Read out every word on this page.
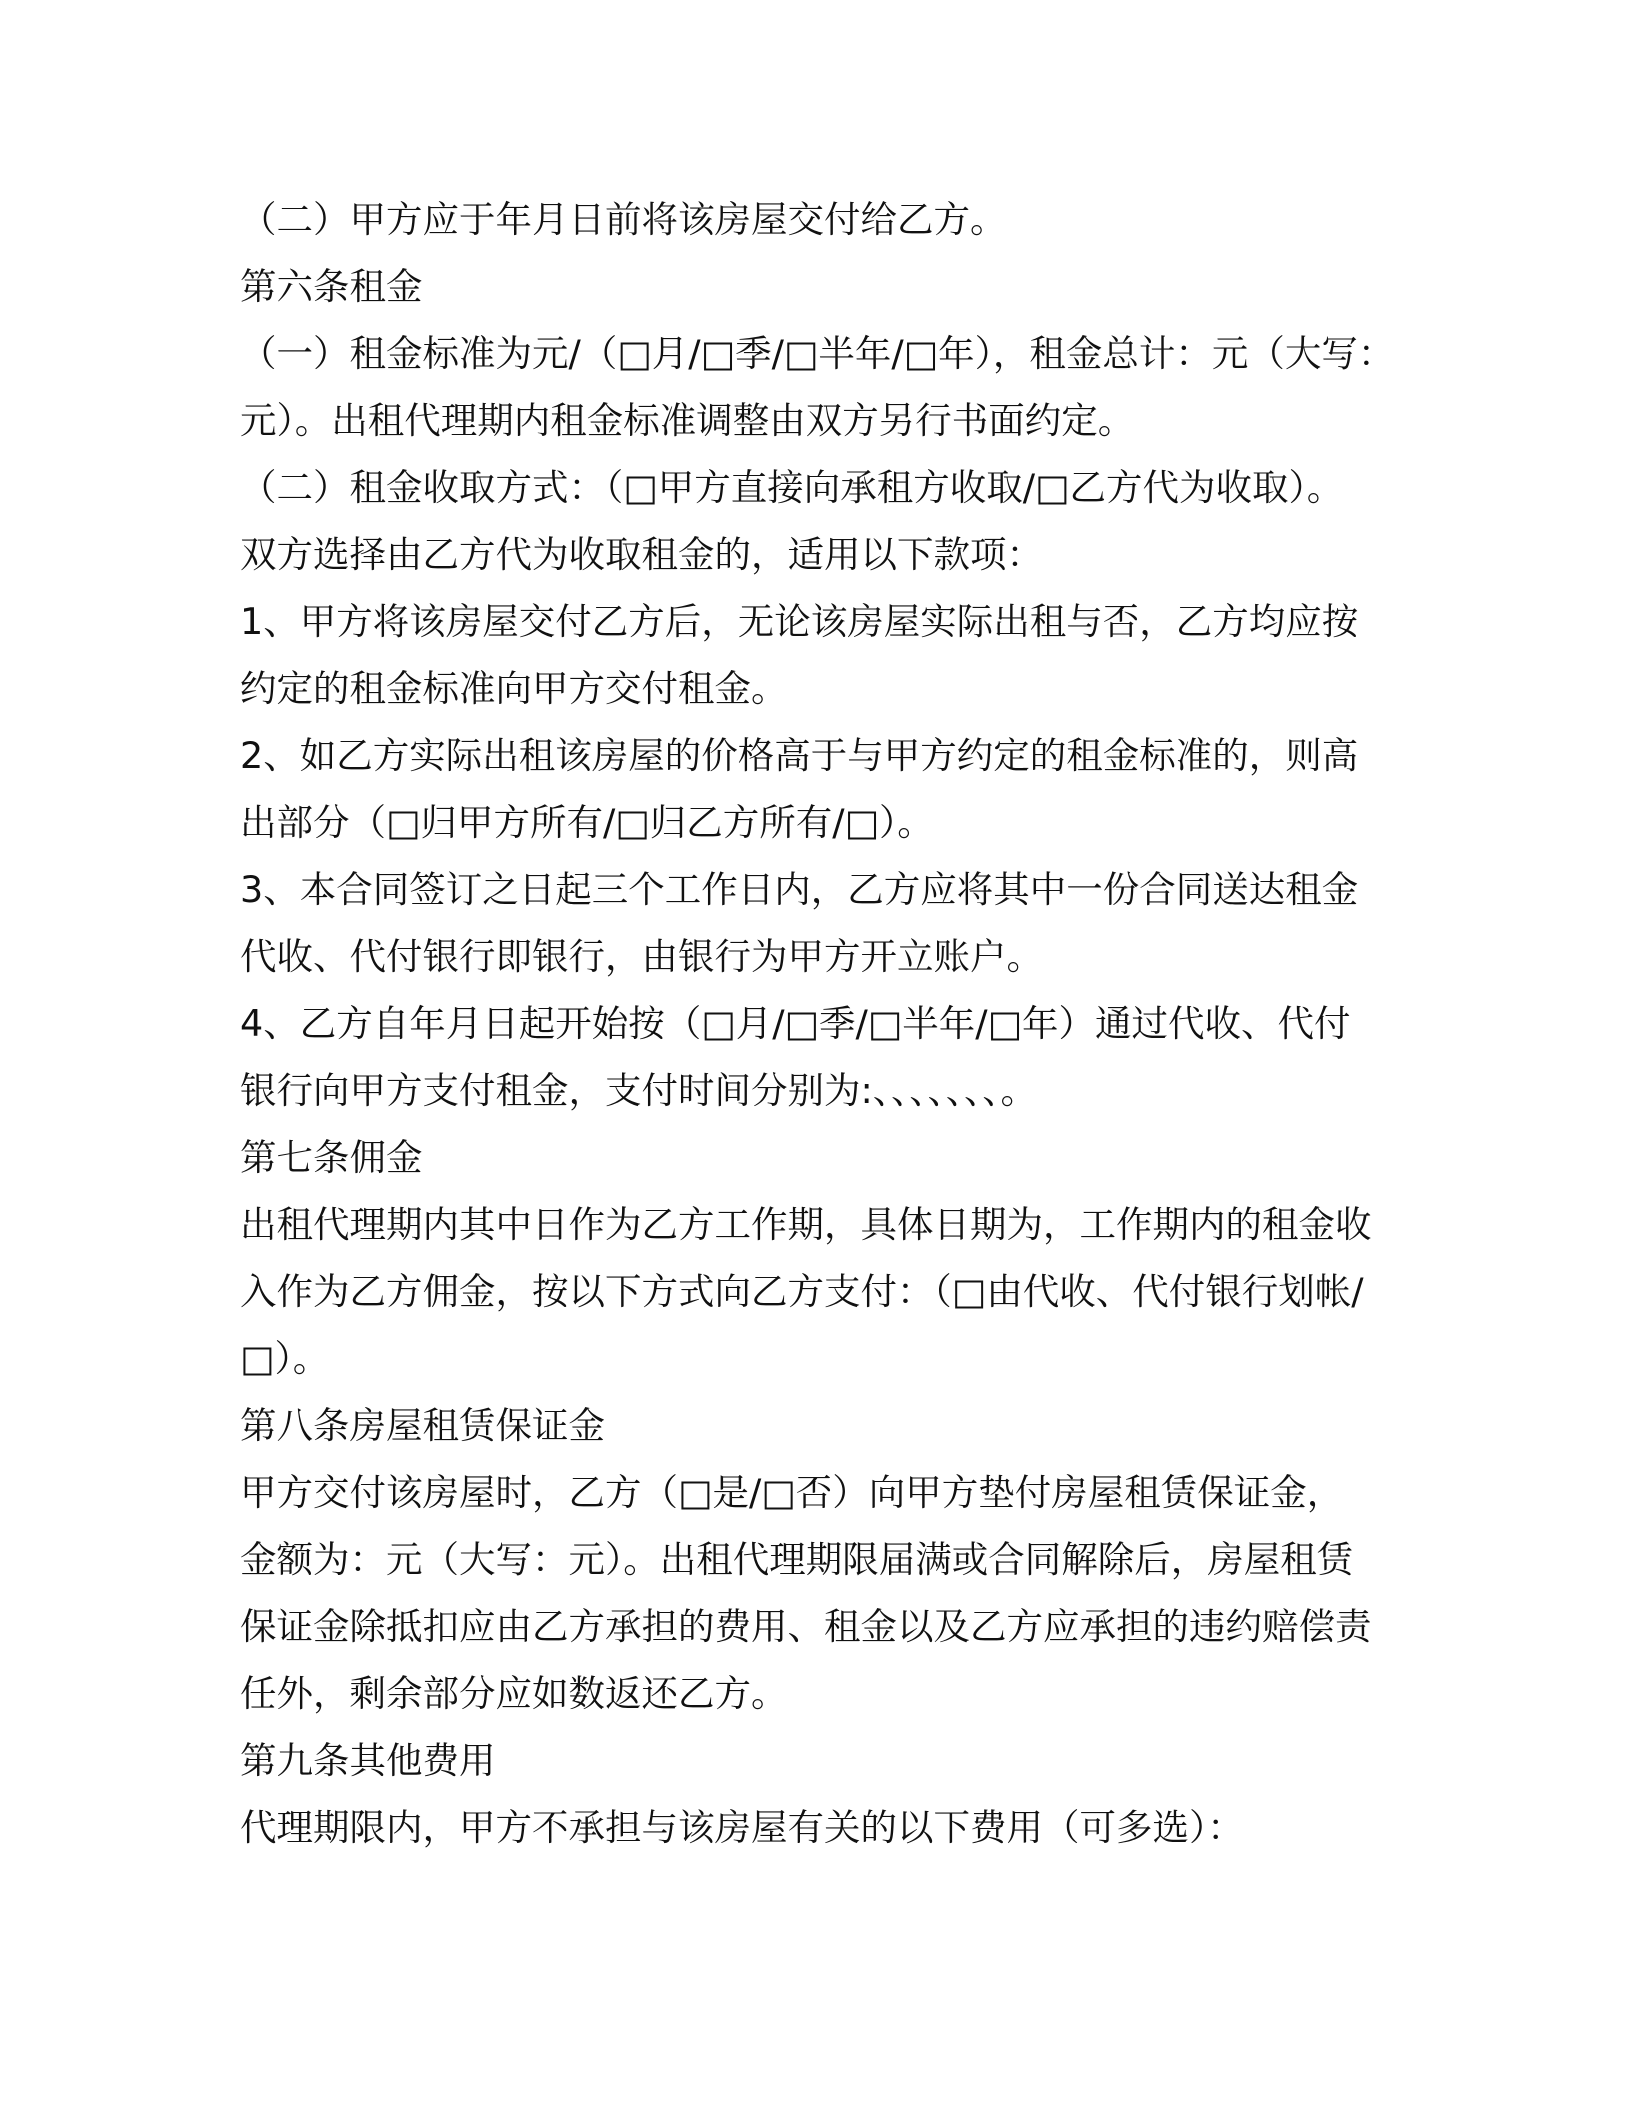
（二）甲方应于年月日前将该房屋交付给乙方。
第六条租金
（一）租金标准为元/（□月/□季/□半年/□年），租金总计：元（大写：
元）。出租代理期内租金标准调整由双方另行书面约定。
（二）租金收取方式：（□甲方直接向承租方收取/□乙方代为收取）。
双方选择由乙方代为收取租金的，适用以下款项：
1、甲方将该房屋交付乙方后，无论该房屋实际出租与否，乙方均应按
约定的租金标准向甲方交付租金。
2、如乙方实际出租该房屋的价格高于与甲方约定的租金标准的，则高
出部分（□归甲方所有/□归乙方所有/□）。
3、本合同签订之日起三个工作日内，乙方应将其中一份合同送达租金
代收、代付银行即银行，由银行为甲方开立账户。
4、乙方自年月日起开始按（□月/□季/□半年/□年）通过代收、代付
银行向甲方支付租金，支付时间分别为:、、、、、、、。
第七条佣金
出租代理期内其中日作为乙方工作期，具体日期为，工作期内的租金收
入作为乙方佣金，按以下方式向乙方支付：（□由代收、代付银行划帐/
□）。
第八条房屋租赁保证金
甲方交付该房屋时，乙方（□是/□否）向甲方垫付房屋租赁保证金，
金额为：元（大写：元）。出租代理期限届满或合同解除后，房屋租赁
保证金除抵扣应由乙方承担的费用、租金以及乙方应承担的违约赔偿责
任外，剩余部分应如数返还乙方。
第九条其他费用
代理期限内，甲方不承担与该房屋有关的以下费用（可多选）：
